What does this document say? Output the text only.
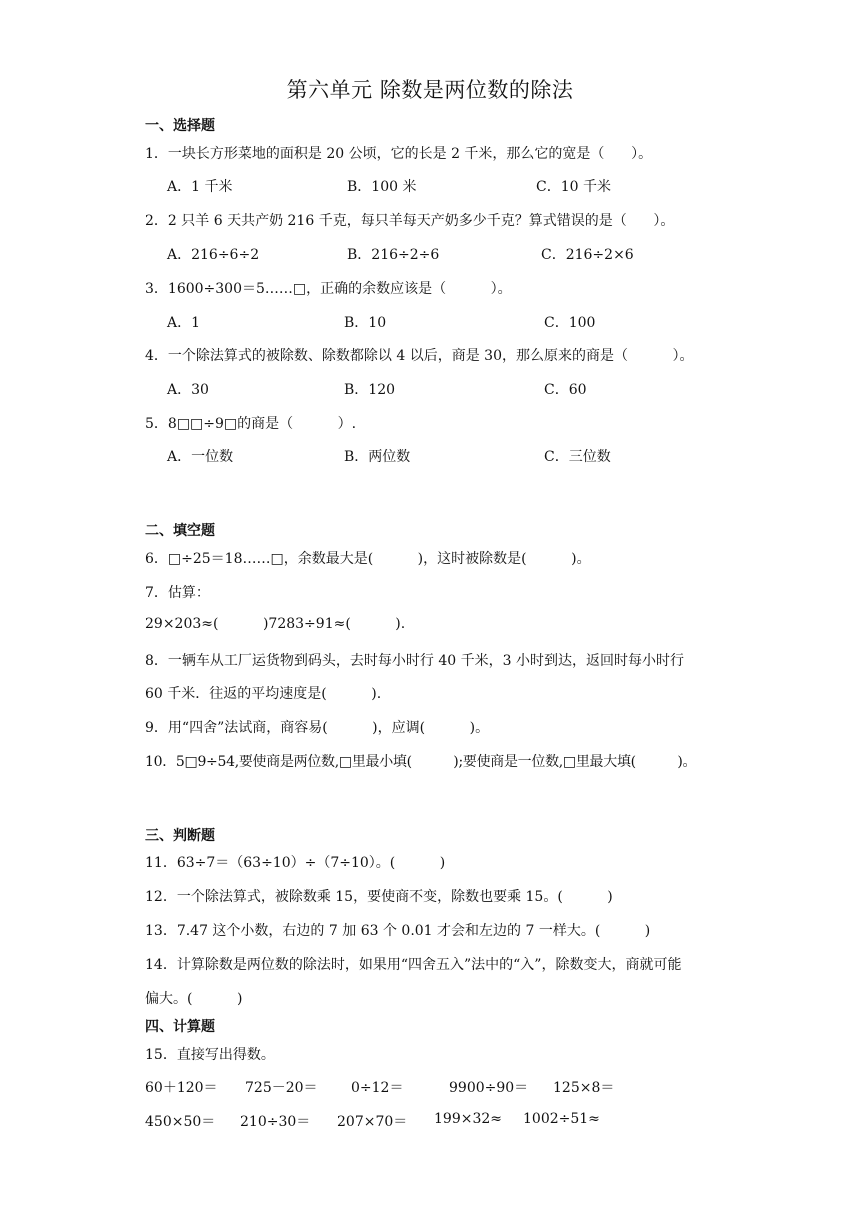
第六单元 除数是两位数的除法
一、选择题
1．一块长方形菜地的面积是 20 公顷，它的长是 2 千米，那么它的宽是（      ）。
A．1 千米	B．100 米	C．10 千米
2．2 只羊 6 天共产奶 216 千克，每只羊每天产奶多少千克？算式错误的是（      ）。
A．216÷6÷2	B．216÷2÷6	C．216÷2×6
3．1600÷300＝5……□，正确的余数应该是（          ）。
A．1	B．10	C．100
4．一个除法算式的被除数、除数都除以 4 以后，商是 30，那么原来的商是（          ）。
A．30	B．120	C．60
5．8□□÷9□的商是（          ）.
A．一位数	B．两位数	C．三位数
二、填空题
6．□÷25＝18……□，余数最大是(          )，这时被除数是(          )。
7．估算：
29×203≈(          )7283÷91≈(          ).
8．一辆车从工厂运货物到码头，去时每小时行 40 千米，3 小时到达，返回时每小时行
60 千米．往返的平均速度是(          ).
9．用“四舍”法试商，商容易(          )，应调(          )。
10．5□9÷54,要使商是两位数,□里最小填(          );要使商是一位数,□里最大填(          )。
三、判断题
11．63÷7＝（63÷10）÷（7÷10）。(          )
12．一个除法算式，被除数乘 15，要使商不变，除数也要乘 15。(          )
13．7.47 这个小数，右边的 7 加 63 个 0.01 才会和左边的 7 一样大。(          )
14．计算除数是两位数的除法时，如果用“四舍五入”法中的“入”，除数变大，商就可能
偏大。(          )
四、计算题
15．直接写出得数。
60＋120＝ 725－20＝ 0÷12＝	9900÷90＝ 125×8＝
450×50＝ 210÷30＝ 207×70＝ 199×32≈ 1002÷51≈
